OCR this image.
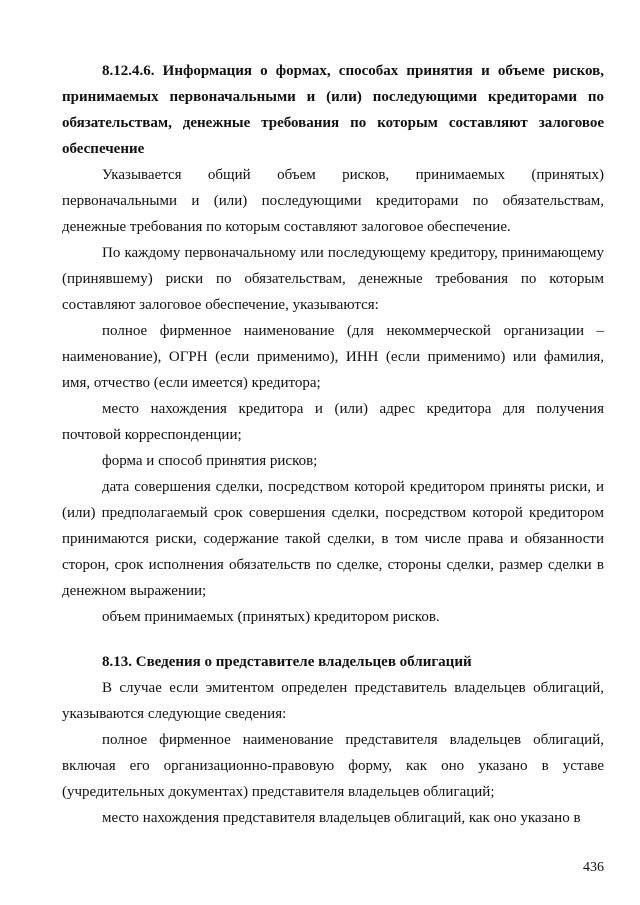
8.12.4.6. Информация о формах, способах принятия и объеме рисков, принимаемых первоначальными и (или) последующими кредиторами по обязательствам, денежные требования по которым составляют залоговое обеспечение

Указывается общий объем рисков, принимаемых (принятых) первоначальными и (или) последующими кредиторами по обязательствам, денежные требования по которым составляют залоговое обеспечение.

По каждому первоначальному или последующему кредитору, принимающему (принявшему) риски по обязательствам, денежные требования по которым составляют залоговое обеспечение, указываются:

полное фирменное наименование (для некоммерческой организации – наименование), ОГРН (если применимо), ИНН (если применимо) или фамилия, имя, отчество (если имеется) кредитора;

место нахождения кредитора и (или) адрес кредитора для получения почтовой корреспонденции;

форма и способ принятия рисков;

дата совершения сделки, посредством которой кредитором приняты риски, и (или) предполагаемый срок совершения сделки, посредством которой кредитором принимаются риски, содержание такой сделки, в том числе права и обязанности сторон, срок исполнения обязательств по сделке, стороны сделки, размер сделки в денежном выражении;

объем принимаемых (принятых) кредитором рисков.

8.13. Сведения о представителе владельцев облигаций

В случае если эмитентом определен представитель владельцев облигаций, указываются следующие сведения:

полное фирменное наименование представителя владельцев облигаций, включая его организационно-правовую форму, как оно указано в уставе (учредительных документах) представителя владельцев облигаций;

место нахождения представителя владельцев облигаций, как оно указано в

436
